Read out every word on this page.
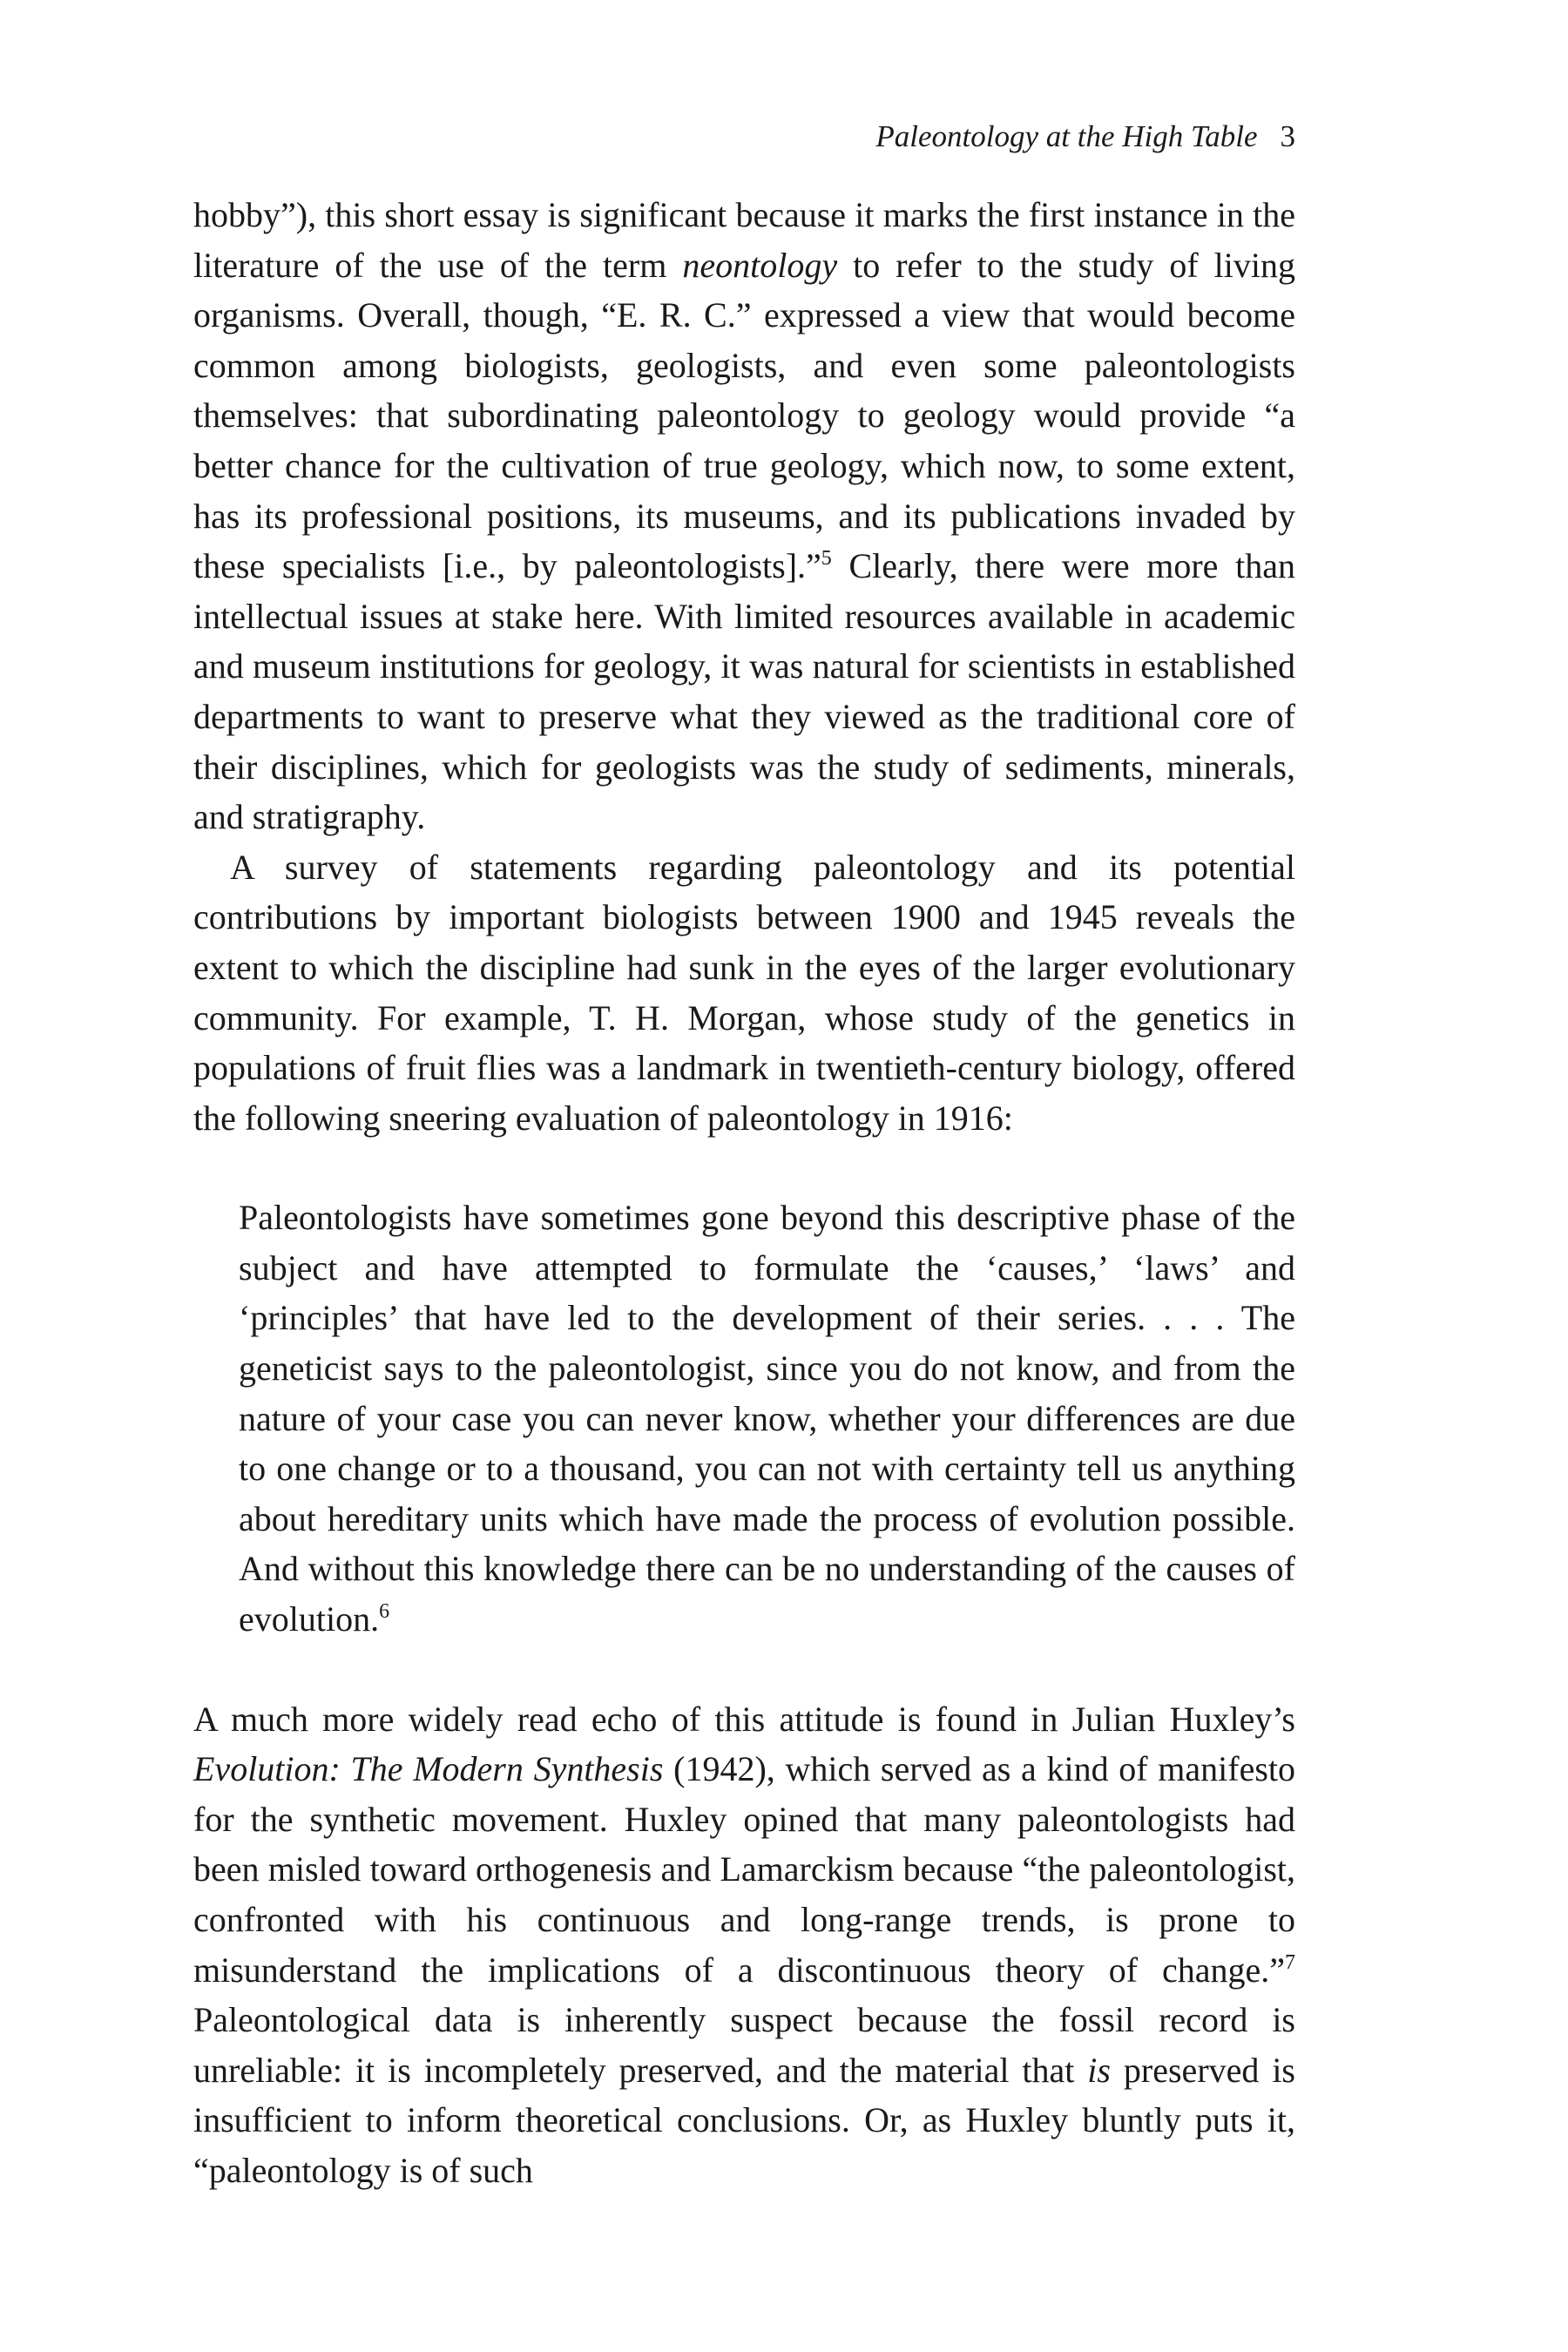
Paleontology at the High Table 3

hobby”), this short essay is significant because it marks the first instance in the literature of the use of the term neontology to refer to the study of living organisms. Overall, though, “E. R. C.” expressed a view that would become common among biologists, geologists, and even some paleontologists themselves: that subordinating paleontology to geology would provide “a better chance for the cultivation of true geology, which now, to some extent, has its professional positions, its museums, and its publications invaded by these specialists [i.e., by paleontologists].”$^5$ Clearly, there were more than intellectual issues at stake here. With limited resources available in academic and museum institutions for geology, it was natural for scientists in established departments to want to preserve what they viewed as the traditional core of their disciplines, which for geologists was the study of sediments, minerals, and stratigraphy.

A survey of statements regarding paleontology and its potential contributions by important biologists between 1900 and 1945 reveals the extent to which the discipline had sunk in the eyes of the larger evolutionary community. For example, T. H. Morgan, whose study of the genetics in populations of fruit flies was a landmark in twentieth-century biology, offered the following sneering evaluation of paleontology in 1916:

Paleontologists have sometimes gone beyond this descriptive phase of the subject and have attempted to formulate the ‘causes,’ ‘laws’ and ‘principles’ that have led to the development of their series. . . . The geneticist says to the paleontologist, since you do not know, and from the nature of your case you can never know, whether your differences are due to one change or to a thousand, you can not with certainty tell us anything about hereditary units which have made the process of evolution possible. And without this knowledge there can be no understanding of the causes of evolution.$^6$

A much more widely read echo of this attitude is found in Julian Huxley’s Evolution: The Modern Synthesis (1942), which served as a kind of manifesto for the synthetic movement. Huxley opined that many paleontologists had been misled toward orthogenesis and Lamarckism because “the paleontologist, confronted with his continuous and long-range trends, is prone to misunderstand the implications of a discontinuous theory of change.”$^7$ Paleontological data is inherently suspect because the fossil record is unreliable: it is incompletely preserved, and the material that is preserved is insufficient to inform theoretical conclusions. Or, as Huxley bluntly puts it, “paleontology is of such
